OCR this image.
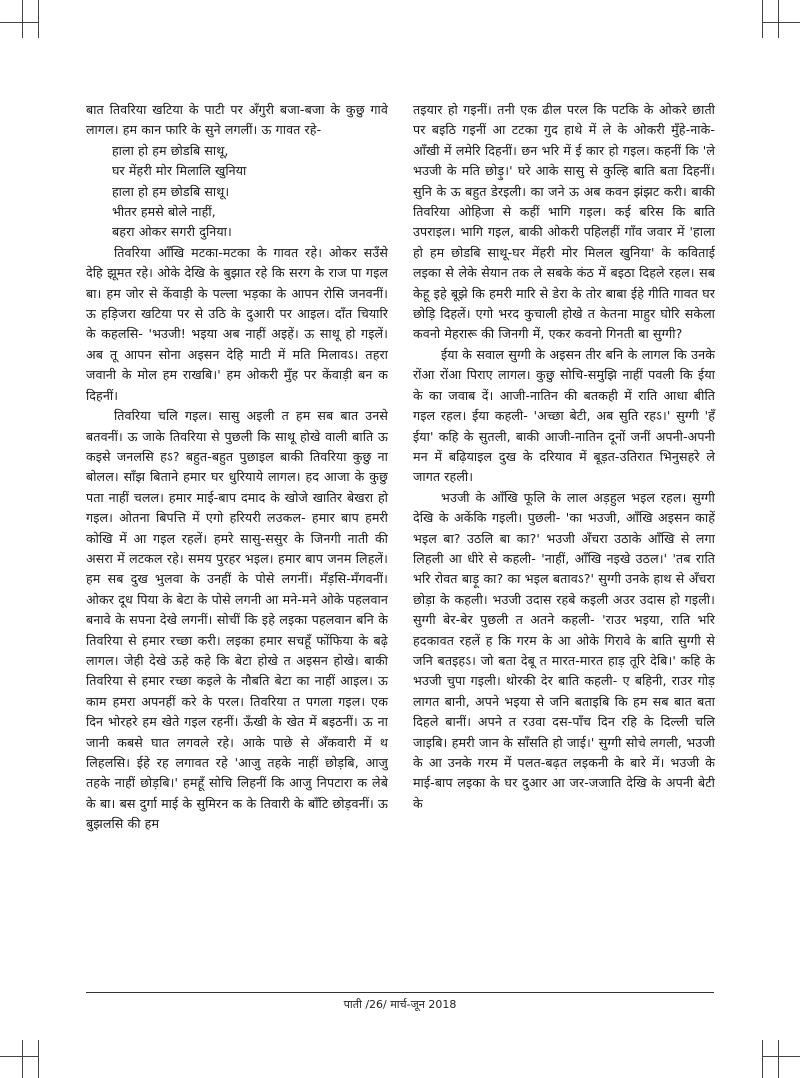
बात तिवरिया खटिया के पाटी पर अँगुरी बजा-बजा के कुछु गावे लागल। हम कान फारि के सुने लगलीं। ऊ गावत रहे-

हाला हो हम छोडबि साथू,

घर मेंहरी मोर मिलालि खुनिया

हाला हो हम छोडबि साथू।

भीतर हमसे बोले नाहीं,

बहरा ओकर सगरी दुनिया।

तिवरिया आँखि मटका-मटका के गावत रहे। ओकर सउँसे देहि झूमत रहे। ओके देखि के बुझात रहे कि सरग के राज पा गइल बा। हम जोर से केंवाड़ी के पल्ला भड़का के आपन रोसि जनवनीं। ऊ हड़िजरा खटिया पर से उठि के दुआरी पर आइल। दाँत चियारि के कहलसि- 'भउजी! भइया अब नाहीं अइहें। ऊ साथू हो गइलें। अब तू आपन सोना अइसन देहि माटी में मति मिलावऽ। तहरा जवानी के मोल हम राखबि।' हम ओकरी मुँह पर केंवाड़ी बन क दिहनीं।

तिवरिया चलि गइल। सासु अइली त हम सब बात उनसे बतवनीं। ऊ जाके तिवरिया से पुछली कि साथू होखे वाली बाति ऊ कइसे जनलसि हऽ? बहुत-बहुत पुछाइल बाकी तिवरिया कुछु ना बोलल। साँझ बिताने हमार घर धुरियाये लागल। हद आजा के कुछु पता नाहीं चलल। हमार माई-बाप दमाद के खोजे खातिर बेखरा हो गइल। ओतना बिपत्ति में एगो हरियरी लउकल- हमार बाप हमरी कोखि में आ गइल रहलें। हमरे सासु-ससुर के जिनगी नाती की असरा में लटकल रहे। समय पुरहर भइल। हमार बाप जनम लिहलें। हम सब दुख भुलवा के उनहीं के पोसे लगनीं। मँड़सि-मँगवनीं। ओकर दूध पिया के बेटा के पोसे लगनी आ मने-मने ओके पहलवान बनावे के सपना देखे लगनीं। सोचीं कि इहे लइका पहलवान बनि के तिवरिया से हमार रच्छा करी। लइका हमार सचहूँ फोंफिया के बढ़े लागल। जेही देखे ऊहे कहे कि बेटा होखे त अइसन होखे। बाकी तिवरिया से हमार रच्छा कइले के नौबति बेटा का नाहीं आइल। ऊ काम हमरा अपनहीं करे के परल। तिवरिया त पगला गइल। एक दिन भोरहरे हम खेते गइल रहनीं। ऊँखी के खेत में बइठनीं। ऊ ना जानी कबसे घात लगवले रहे। आके पाछे से अँकवारी में थ लिहलसि। ईहे रह लगावत रहे 'आजु तहके नाहीं छोड़बि, आजु तहके नाहीं छोड़बि।' हमहूँ सोचि लिहनीं कि आजु निपटारा क लेबे के बा। बस दुर्गा माई के सुमिरन क के तिवारी के बाँटि छोड़वनीं। ऊ बुझलसि की हम

तइयार हो गइनीं। तनी एक ढील परल कि पटकि के ओकरे छाती पर बइठि गइनीं आ टटका गुद हाथे में ले के ओकरी मुँहे-नाके-आँखी में लमेरि दिहनीं। छन भरि में ई कार हो गइल। कहनीं कि 'ले भउजी के मति छोड़ु।' घरे आके सासु से कुल्हि बाति बता दिहनीं। सुनि के ऊ बहुत डेरइली। का जने ऊ अब कवन झंझट करी। बाकी तिवरिया ओहिजा से कहीं भागि गइल। कई बरिस कि बाति उपराइल। भागि गइल, बाकी ओकरी पहिलहीं गाँव जवार में 'हाला हो हम छोडबि साथू-घर मेंहरी मोर मिलल खुनिया' के कविताई लइका से लेके सेयान तक ले सबके कंठ में बइठा दिहले रहल। सब केहू इहे बूझे कि हमरी मारि से डेरा के तोर बाबा ईहे गीति गावत घर छोड़ि दिहलें। एगो भरद कुचाली होखे त केतना माहुर घोरि सकेला कवनो मेहरारू की जिनगी में, एकर कवनो गिनती बा सुग्गी?

ईया के सवाल सुग्गी के अइसन तीर बनि के लागल कि उनके रोंआ रोंआ पिराए लागल। कुछु सोचि-समुझि नाहीं पवली कि ईया के का जवाब दें। आजी-नातिन की बतकही में राति आधा बीति गइल रहल। ईया कहली- 'अच्छा बेटी, अब सुति रहऽ।' सुग्गी 'हँ ईया' कहि के सुतली, बाकी आजी-नातिन दूनों जनीं अपनी-अपनी मन में बढ़ियाइल दुख के दरियाव में बूड़त-उतिरात भिनुसहरे ले जागत रहली।

भउजी के आँखि फूलि के लाल अड़हुल भइल रहल। सुग्गी देखि के अकेंकि गइली। पुछली- 'का भउजी, आँखि अइसन काहें भइल बा? उठलि बा का?' भउजी अँचरा उठाके आँखि से लगा लिहली आ धीरे से कहली- 'नाहीं, आँखि नइखे उठल।' 'तब राति भरि रोवत बाड़ू का? का भइल बतावऽ?' सुग्गी उनके हाथ से अँचरा छोड़ा के कहली। भउजी उदास रहबे कइली अउर उदास हो गइली। सुग्गी बेर-बेर पुछली त अतने कहली- 'राउर भइया, राति भरि हदकावत रहलें ह कि गरम के आ ओके गिरावे के बाति सुग्गी से जनि बतइहऽ। जो बता देबू त मारत-मारत हाड़ तूरि देबि।' कहि के भउजी चुपा गइली। थोरकी देर बाति कहली- ए बहिनी, राउर गोड़ लागत बानी, अपने भइया से जनि बताइबि कि हम सब बात बता दिहले बानीं। अपने त रउवा दस-पाँच दिन रहि के दिल्ली चलि जाइबि। हमरी जान के साँसति हो जाई।' सुग्गी सोचे लगली, भउजी के आ उनके गरम में पलत-बढ़त लइकनी के बारे में। भउजी के माई-बाप लइका के घर दुआर आ जर-जजाति देखि के अपनी बेटी के

पाती /26/ मार्च-जून 2018
